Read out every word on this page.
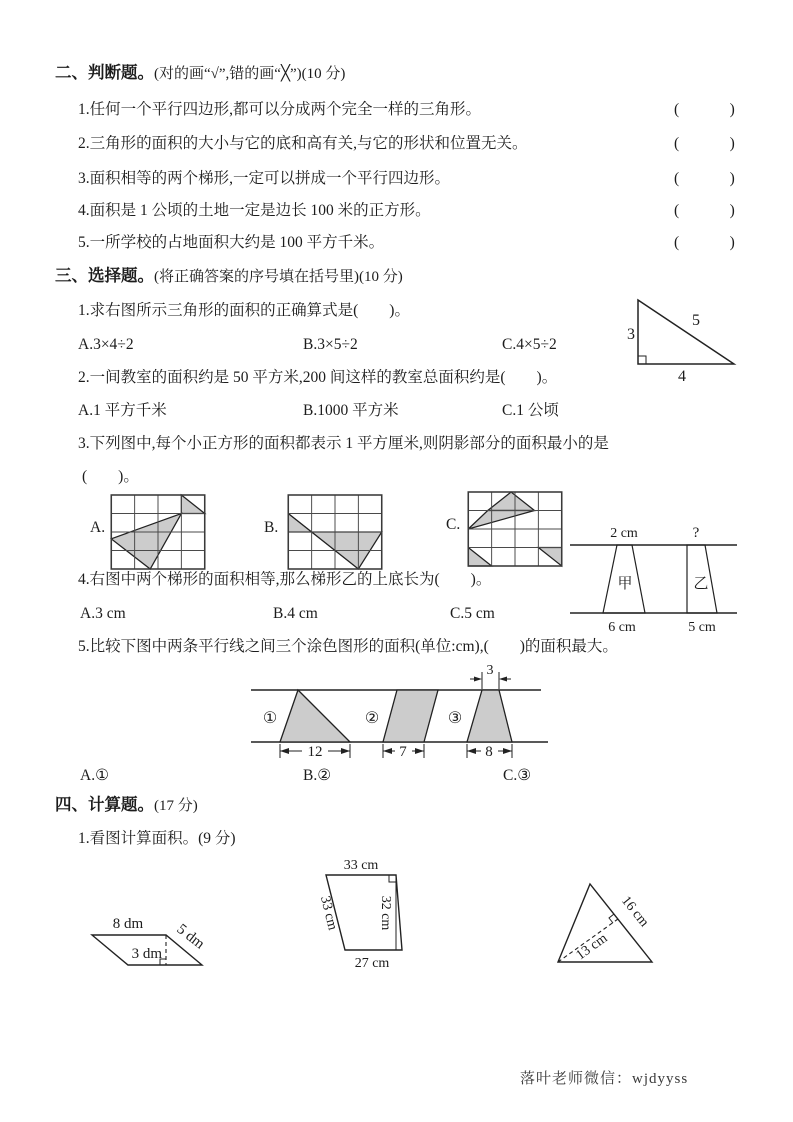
二、判断题。(对的画“√”,错的画“╳”)(10 分)
1.任何一个平行四边形,都可以分成两个完全一样的三角形。	(　　　)
2.三角形的面积的大小与它的底和高有关,与它的形状和位置无关。	(　　　)
3.面积相等的两个梯形,一定可以拼成一个平行四边形。	(　　　)
4.面积是 1 公顷的土地一定是边长 100 米的正方形。	(　　　)
5.一所学校的占地面积大约是 100 平方千米。	(　　　)
三、选择题。(将正确答案的序号填在括号里)(10 分)
1.求右图所示三角形的面积的正确算式是(　　)。
A.3×4÷2	B.3×5÷2	C.4×5÷2
3
5
4
2.一间教室的面积约是 50 平方米,200 间这样的教室总面积约是(　　)。
A.1 平方千米	B.1000 平方米	C.1 公顷
3.下列图中,每个小正方形的面积都表示 1 平方厘米,则阴影部分的面积最小的是
(　　)。
A.	B.	C.
2 cm	?
甲	乙
6 cm	5 cm
4.右图中两个梯形的面积相等,那么梯形乙的上底长为(　　)。
A.3 cm	B.4 cm	C.5 cm
5.比较下图中两条平行线之间三个涂色图形的面积(单位:cm),(　　)的面积最大。
①
12
②
7
③
3
8
A.①	B.②	C.③
四、计算题。(17 分)
1.看图计算面积。(9 分)
8 dm
3 dm
5 dm
33 cm
33 cm	32 cm
27 cm
16 cm
13 cm
落叶老师微信：wjdyyss
